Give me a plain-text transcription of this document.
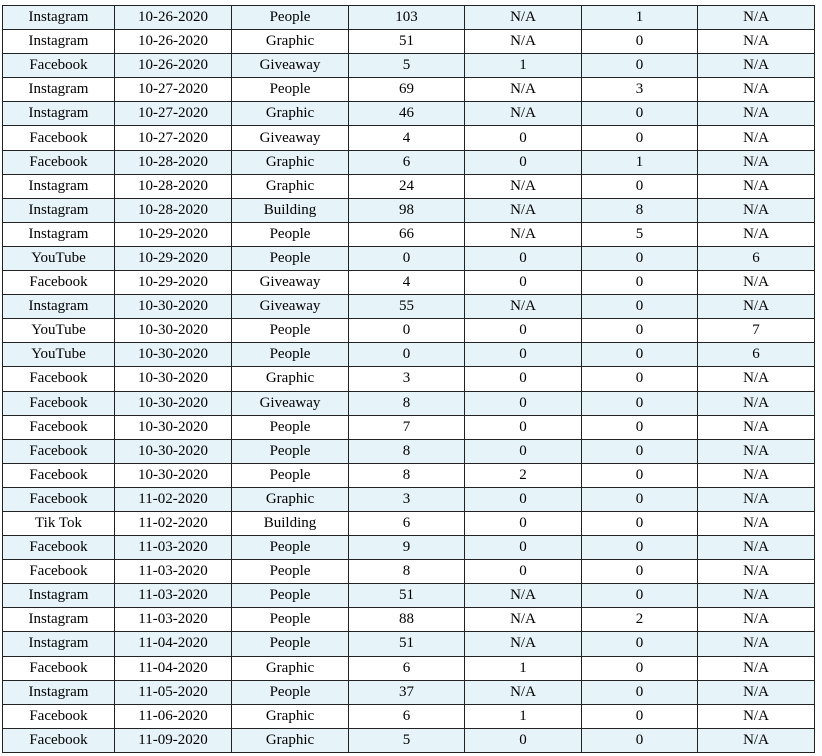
Instagram	10-26-2020	People	103	N/A	1	N/A
Instagram	10-26-2020	Graphic	51	N/A	0	N/A
Facebook	10-26-2020	Giveaway	5	1	0	N/A
Instagram	10-27-2020	People	69	N/A	3	N/A
Instagram	10-27-2020	Graphic	46	N/A	0	N/A
Facebook	10-27-2020	Giveaway	4	0	0	N/A
Facebook	10-28-2020	Graphic	6	0	1	N/A
Instagram	10-28-2020	Graphic	24	N/A	0	N/A
Instagram	10-28-2020	Building	98	N/A	8	N/A
Instagram	10-29-2020	People	66	N/A	5	N/A
YouTube	10-29-2020	People	0	0	0	6
Facebook	10-29-2020	Giveaway	4	0	0	N/A
Instagram	10-30-2020	Giveaway	55	N/A	0	N/A
YouTube	10-30-2020	People	0	0	0	7
YouTube	10-30-2020	People	0	0	0	6
Facebook	10-30-2020	Graphic	3	0	0	N/A
Facebook	10-30-2020	Giveaway	8	0	0	N/A
Facebook	10-30-2020	People	7	0	0	N/A
Facebook	10-30-2020	People	8	0	0	N/A
Facebook	10-30-2020	People	8	2	0	N/A
Facebook	11-02-2020	Graphic	3	0	0	N/A
Tik Tok	11-02-2020	Building	6	0	0	N/A
Facebook	11-03-2020	People	9	0	0	N/A
Facebook	11-03-2020	People	8	0	0	N/A
Instagram	11-03-2020	People	51	N/A	0	N/A
Instagram	11-03-2020	People	88	N/A	2	N/A
Instagram	11-04-2020	People	51	N/A	0	N/A
Facebook	11-04-2020	Graphic	6	1	0	N/A
Instagram	11-05-2020	People	37	N/A	0	N/A
Facebook	11-06-2020	Graphic	6	1	0	N/A
Facebook	11-09-2020	Graphic	5	0	0	N/A
